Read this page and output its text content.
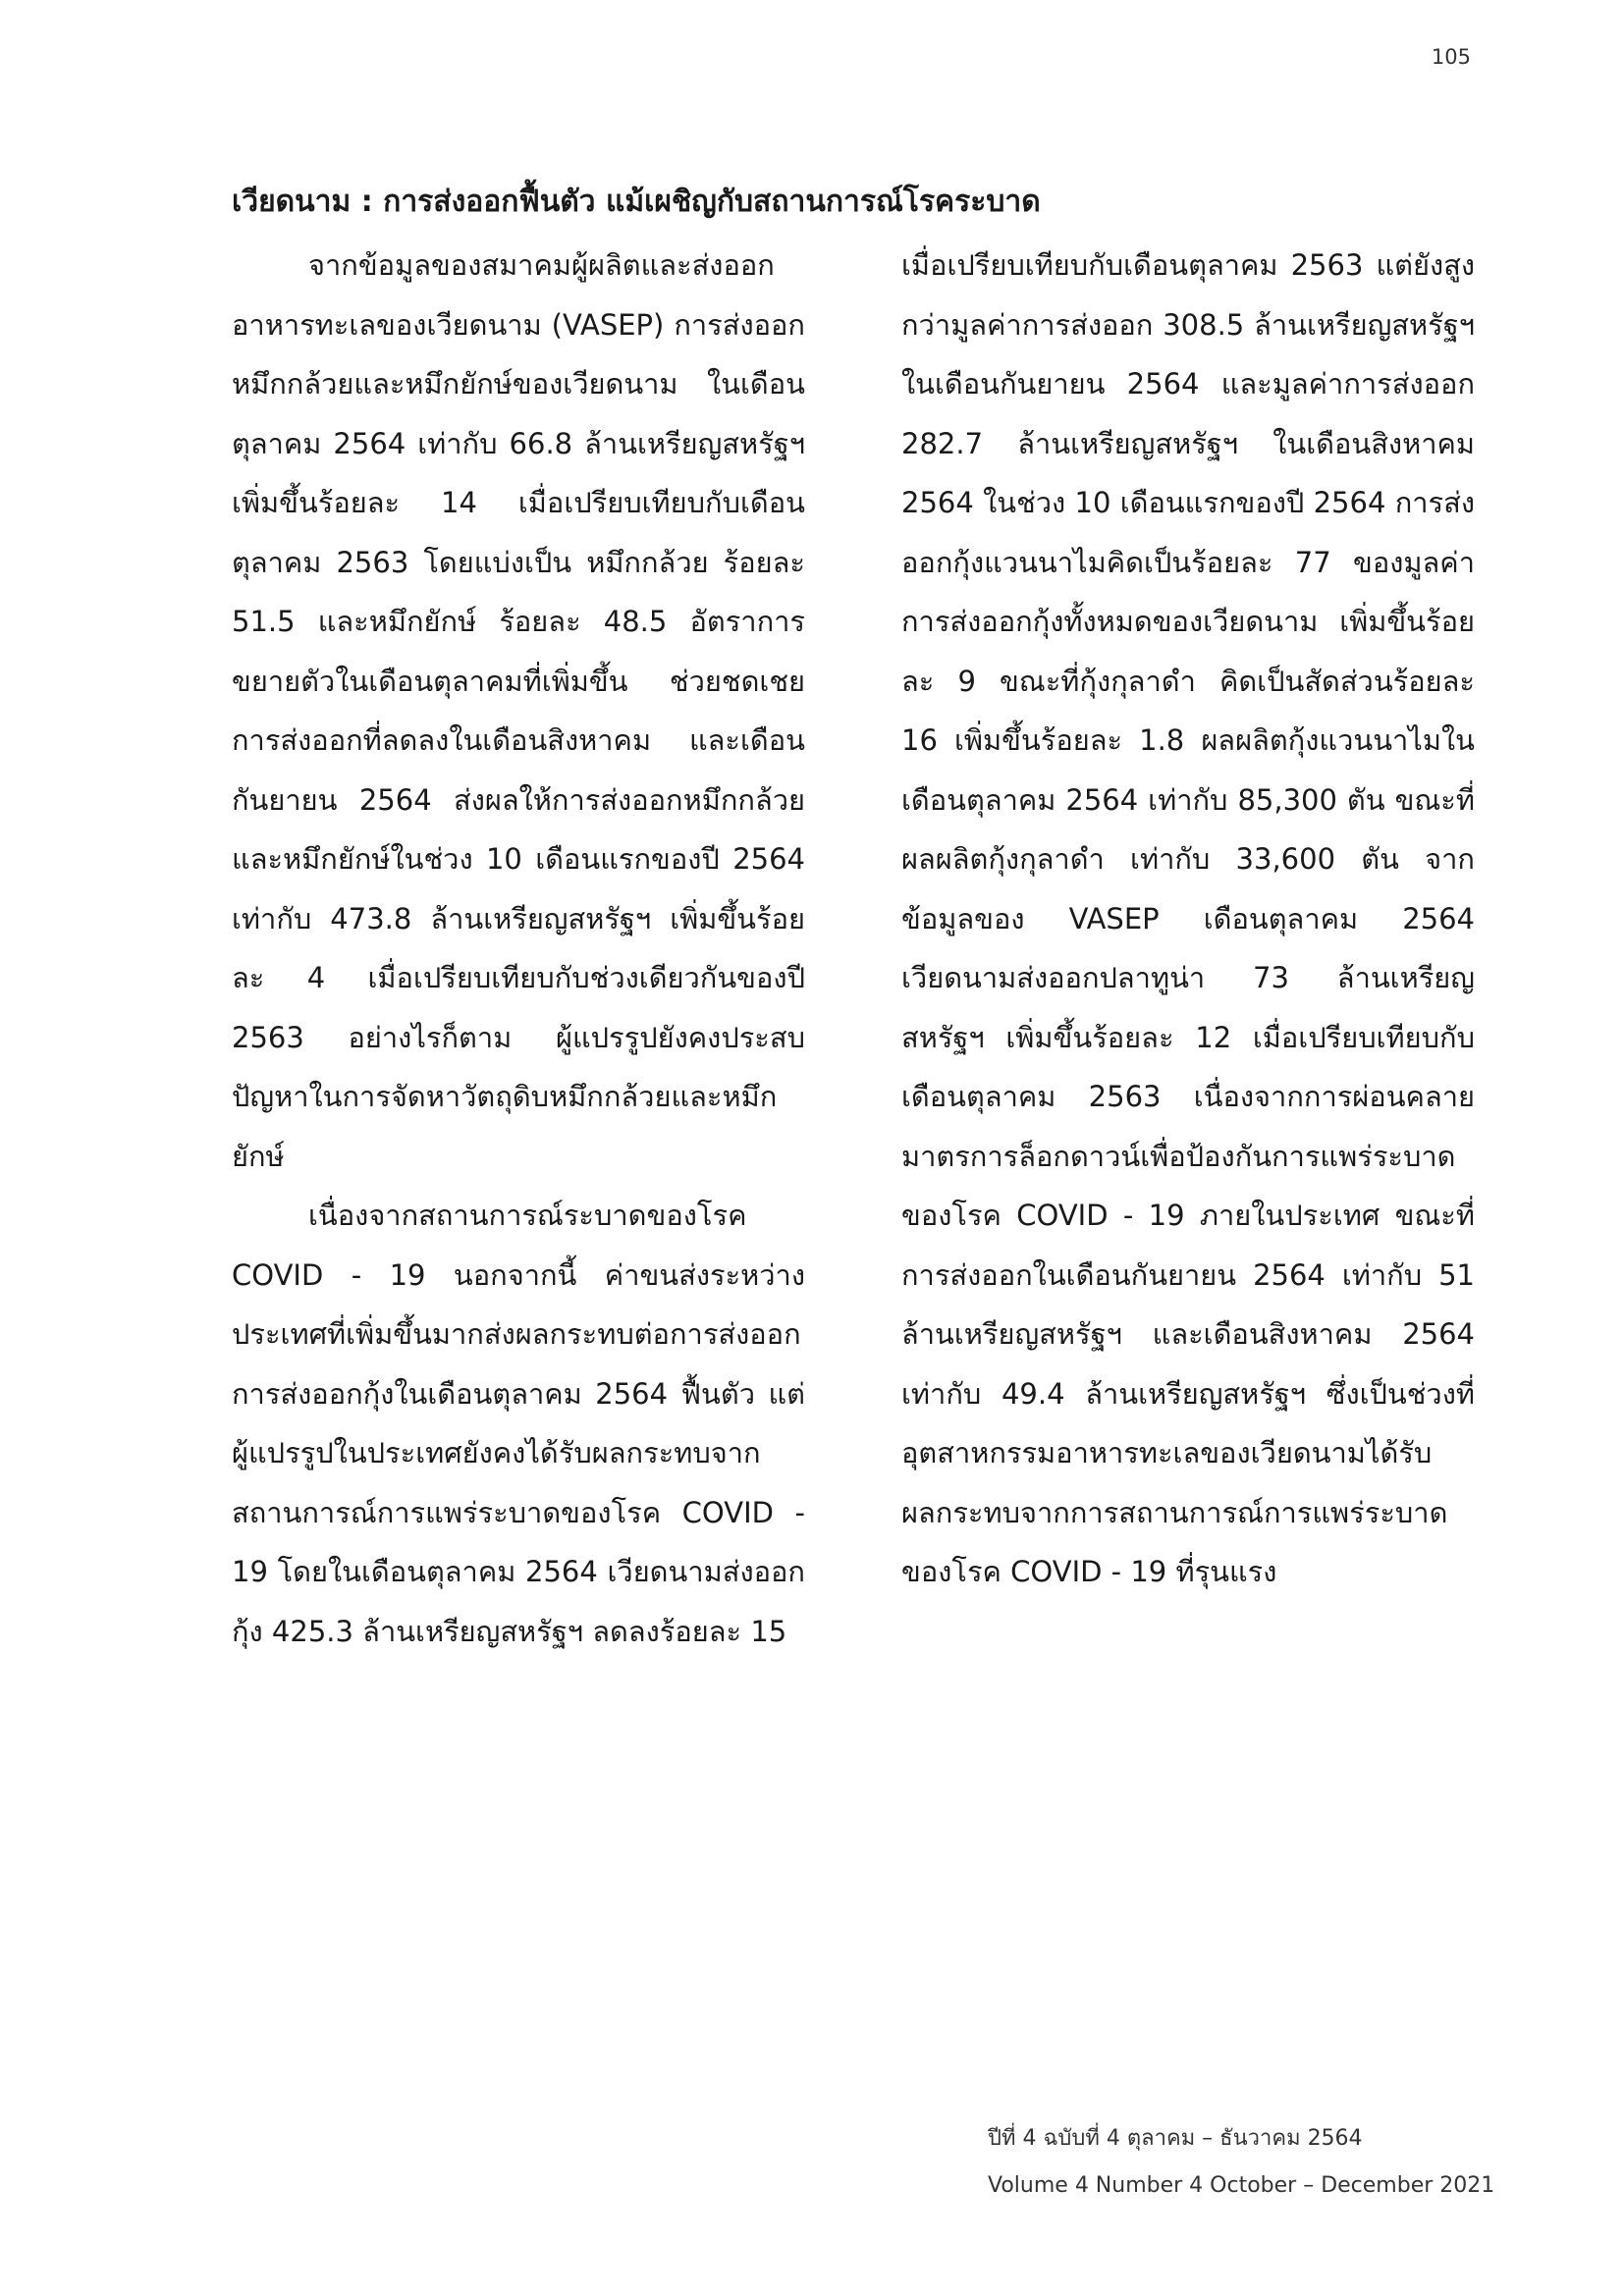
105
เวียดนาม : การส่งออกฟื้นตัว แม้เผชิญกับสถานการณ์โรคระบาด

จากข้อมูลของสมาคมผู้ผลิตและส่งออกอาหารทะเลของเวียดนาม (VASEP) การส่งออกหมึกกล้วยและหมึกยักษ์ของเวียดนาม ในเดือนตุลาคม 2564 เท่ากับ 66.8 ล้านเหรียญสหรัฐฯ เพิ่มขึ้นร้อยละ 14 เมื่อเปรียบเทียบกับเดือนตุลาคม 2563 โดยแบ่งเป็น หมึกกล้วย ร้อยละ 51.5 และหมึกยักษ์ ร้อยละ 48.5 อัตราการขยายตัวในเดือนตุลาคมที่เพิ่มขึ้น ช่วยชดเชยการส่งออกที่ลดลงในเดือนสิงหาคม และเดือนกันยายน 2564 ส่งผลให้การส่งออกหมึกกล้วยและหมึกยักษ์ในช่วง 10 เดือนแรกของปี 2564 เท่ากับ 473.8 ล้านเหรียญสหรัฐฯ เพิ่มขึ้นร้อยละ 4 เมื่อเปรียบเทียบกับช่วงเดียวกันของปี 2563 อย่างไรก็ตาม ผู้แปรรูปยังคงประสบปัญหาในการจัดหาวัตถุดิบหมึกกล้วยและหมึกยักษ์

เนื่องจากสถานการณ์ระบาดของโรค COVID - 19 นอกจากนี้ ค่าขนส่งระหว่างประเทศที่เพิ่มขึ้นมากส่งผลกระทบต่อการส่งออก การส่งออกกุ้งในเดือนตุลาคม 2564 ฟื้นตัว แต่ผู้แปรรูปในประเทศยังคงได้รับผลกระทบจากสถานการณ์การแพร่ระบาดของโรค COVID - 19 โดยในเดือนตุลาคม 2564 เวียดนามส่งออกกุ้ง 425.3 ล้านเหรียญสหรัฐฯ ลดลงร้อยละ 15

เมื่อเปรียบเทียบกับเดือนตุลาคม 2563 แต่ยังสูงกว่ามูลค่าการส่งออก 308.5 ล้านเหรียญสหรัฐฯ ในเดือนกันยายน 2564 และมูลค่าการส่งออก 282.7 ล้านเหรียญสหรัฐฯ ในเดือนสิงหาคม 2564 ในช่วง 10 เดือนแรกของปี 2564 การส่งออกกุ้งแวนนาไมคิดเป็นร้อยละ 77 ของมูลค่าการส่งออกกุ้งทั้งหมดของเวียดนาม เพิ่มขึ้นร้อยละ 9 ขณะที่กุ้งกุลาดำ คิดเป็นสัดส่วนร้อยละ 16 เพิ่มขึ้นร้อยละ 1.8 ผลผลิตกุ้งแวนนาไมในเดือนตุลาคม 2564 เท่ากับ 85,300 ตัน ขณะที่ผลผลิตกุ้งกุลาดำ เท่ากับ 33,600 ตัน จากข้อมูลของ VASEP เดือนตุลาคม 2564 เวียดนามส่งออกปลาทูน่า 73 ล้านเหรียญสหรัฐฯ เพิ่มขึ้นร้อยละ 12 เมื่อเปรียบเทียบกับเดือนตุลาคม 2563 เนื่องจากการผ่อนคลายมาตรการล็อกดาวน์เพื่อป้องกันการแพร่ระบาดของโรค COVID - 19 ภายในประเทศ ขณะที่การส่งออกในเดือนกันยายน 2564 เท่ากับ 51 ล้านเหรียญสหรัฐฯ และเดือนสิงหาคม 2564 เท่ากับ 49.4 ล้านเหรียญสหรัฐฯ ซึ่งเป็นช่วงที่อุตสาหกรรมอาหารทะเลของเวียดนามได้รับผลกระทบจากการสถานการณ์การแพร่ระบาดของโรค COVID - 19 ที่รุนแรง

ปีที่ 4 ฉบับที่ 4 ตุลาคม – ธันวาคม 2564
Volume 4 Number 4 October – December 2021
